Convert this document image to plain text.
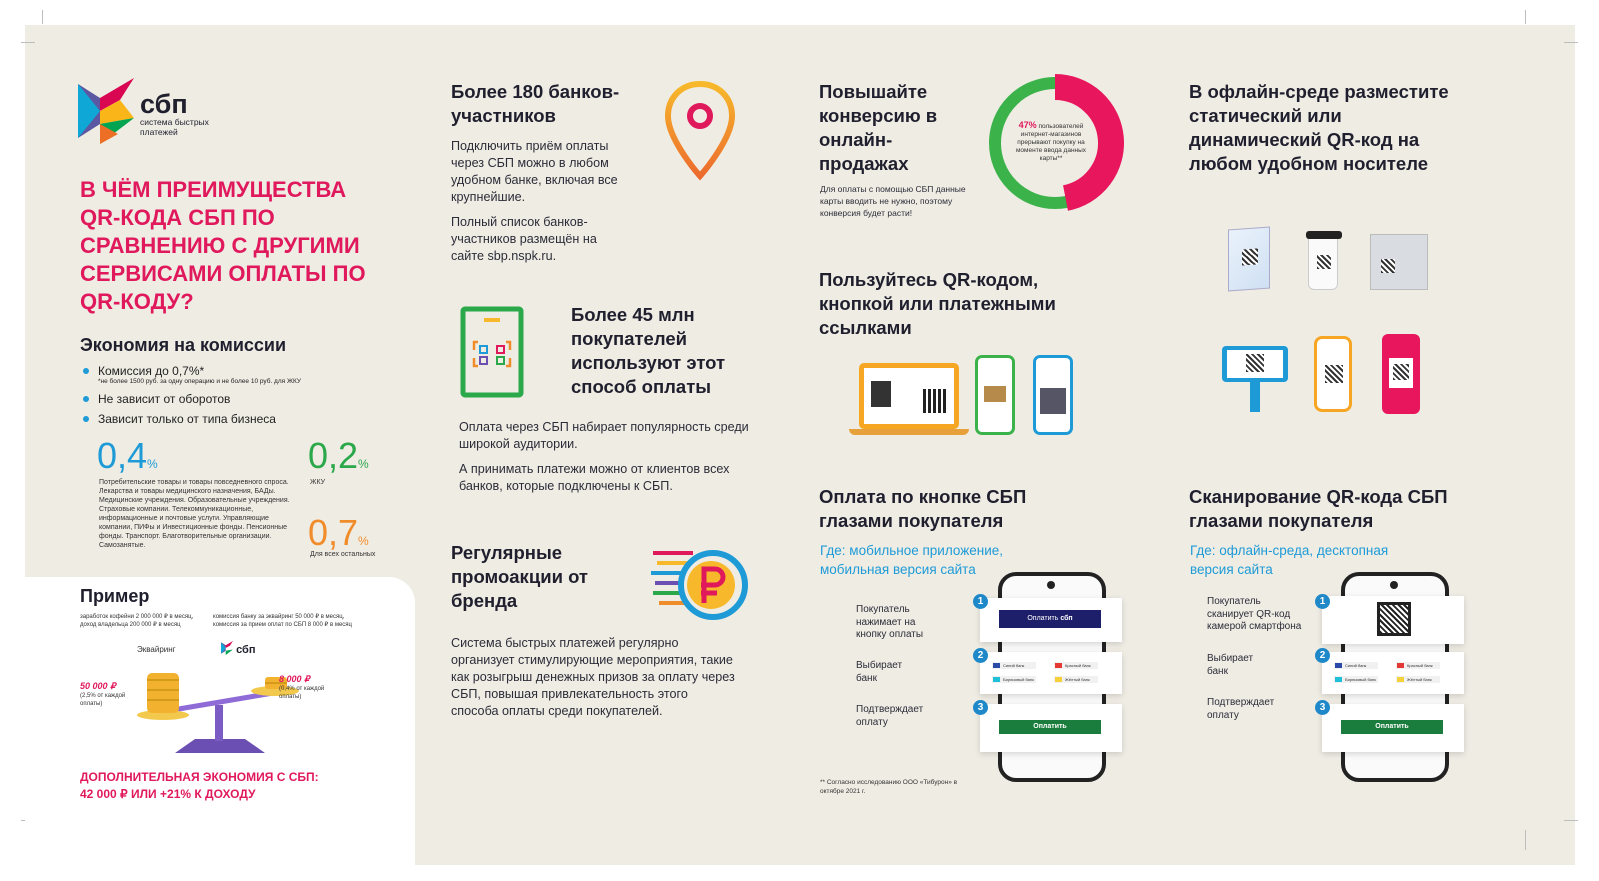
сбп
система быстрых платежей
В ЧЁМ ПРЕИМУЩЕСТВА QR-КОДА СБП ПО СРАВНЕНИЮ С ДРУГИМИ СЕРВИСАМИ ОПЛАТЫ ПО QR-КОДУ?
Экономия на комиссии
Комиссия до 0,7%*

*не более 1500 руб. за одну операцию и не более 10 руб. для ЖКУ
Не зависит от оборотов
Зависит только от типа бизнеса
0,4%
Потребительские товары и товары повседневного спроса. Лекарства и товары медицинского назначения, БАДы. Медицинские учреждения. Образовательные учреждения. Страховые компании. Телекоммуникационные, информационные и почтовые услуги. Управляющие компании, ПИФы и Инвестиционные фонды. Пенсионные фонды. Транспорт. Благотворительные организации. Самозанятые.
0,2%
ЖКУ
0,7%
Для всех остальных
Пример
заработок кофейни 2 000 000 ₽ в месяц, доход владельца 200 000 ₽ в месяц
комиссия банку за эквайринг 50 000 ₽ в месяц, комиссия за прием оплат по СБП 8 000 ₽ в месяц
Эквайринг	сбп
50 000 ₽
(2,5% от каждой оплаты)
8 000 ₽
(0,4% от каждой оплаты)
ДОПОЛНИТЕЛЬНАЯ ЭКОНОМИЯ С СБП:
42 000 ₽ ИЛИ +21% К ДОХОДУ
Более 180 банков-участников
Подключить приём оплаты через СБП можно в любом удобном банке, включая все крупнейшие.
Полный список банков-участников размещён на сайте sbp.nspk.ru.
Более 45 млн покупателей используют этот способ оплаты
Оплата через СБП набирает популярность среди широкой аудитории.
А принимать платежи можно от клиентов всех банков, которые подключены к СБП.
Регулярные промоакции от бренда
Система быстрых платежей регулярно организует стимулирующие мероприятия, такие как розыгрыш денежных призов за оплату через СБП, повышая привлекательность этого способа оплаты среди покупателей.
Повышайте конверсию в онлайн-продажах
Для оплаты с помощью СБП данные карты вводить не нужно, поэтому конверсия будет расти!
47% пользователей интернет-магазинов прерывают покупку на моменте ввода данных карты**
Пользуйтесь QR-кодом, кнопкой или платежными ссылками
В офлайн-среде разместите статический или динамический QR-код на любом удобном носителе
Оплата по кнопке СБП глазами покупателя
Где: мобильное приложение, мобильная версия сайта
Оплатить сбп
Синий банк	Красный банк
Бирюзовый банк	Жёлтый банк
Оплатить
1
2
3
Покупатель нажимает на кнопку оплаты
Выбирает банк
Подтверждает оплату
** Согласно исследованию ООО «Тибурон» в октябре 2021 г.
Сканирование QR-кода СБП глазами покупателя
Где: офлайн-среда, десктопная версия сайта
Синий банк	Красный банк
Бирюзовый банк	Жёлтый банк
Оплатить
1
2
3
Покупатель сканирует QR-код камерой смартфона
Выбирает банк
Подтверждает оплату
